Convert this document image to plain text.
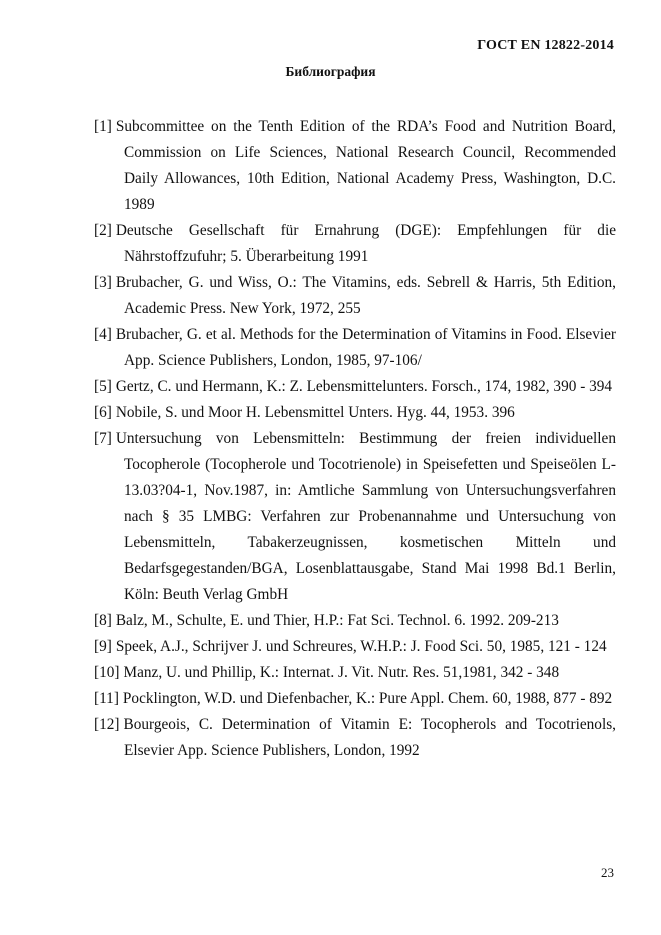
ГОСТ EN 12822-2014
Библиография
[1] Subcommittee on the Tenth Edition of the RDA’s Food and Nutrition Board, Commission on Life Sciences, National Research Council, Recommended Daily Allowances, 10th Edition, National Academy Press, Washington, D.C. 1989
[2] Deutsche Gesellschaft für Ernahrung (DGE): Empfehlungen für die Nährstoffzufuhr; 5. Überarbeitung 1991
[3] Brubacher, G. und Wiss, O.: The Vitamins, eds. Sebrell & Harris, 5th Edition, Academic Press. New York, 1972, 255
[4] Brubacher, G. et al. Methods for the Determination of Vitamins in Food. Elsevier App. Science Publishers, London, 1985, 97-106/
[5] Gertz, C. und Hermann, K.: Z. Lebensmittelunters. Forsch., 174, 1982, 390 - 394
[6] Nobile, S. und Moor H. Lebensmittel Unters. Hyg. 44, 1953. 396
[7] Untersuchung von Lebensmitteln: Bestimmung der freien individuellen Tocopherole (Tocopherole und Tocotrienole) in Speisefetten und Speiseölen L-13.03?04-1, Nov.1987, in: Amtliche Sammlung von Untersuchungsverfahren nach § 35 LMBG: Verfahren zur Probenannahme und Untersuchung von Lebensmitteln, Tabakerzeugnissen, kosmetischen Mitteln und Bedarfsgegestanden/BGA, Losenblattausgabe, Stand Mai 1998 Bd.1 Berlin, Köln: Beuth Verlag GmbH
[8] Balz, M., Schulte, E. und Thier, H.P.: Fat Sci. Technol. 6. 1992. 209-213
[9] Speek, A.J., Schrijver J. und Schreures, W.H.P.: J. Food Sci. 50, 1985, 121 - 124
[10] Manz, U. und Phillip, K.: Internat. J. Vit. Nutr. Res. 51,1981, 342 - 348
[11] Pocklington, W.D. und Diefenbacher, K.: Pure Appl. Chem. 60, 1988, 877 - 892
[12] Bourgeois, C. Determination of Vitamin E: Tocopherols and Tocotrienols, Elsevier App. Science Publishers, London, 1992
23
